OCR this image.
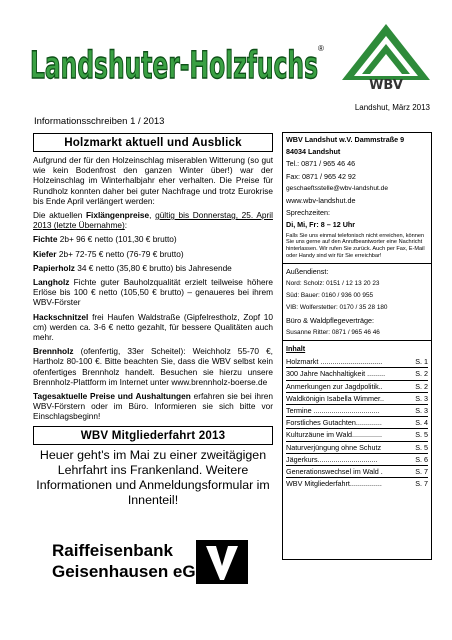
Landshuter-Holzfuchs ®
WBV
Landshut, März 2013
Informationsschreiben 1 / 2013
Holzmarkt aktuell und Ausblick

Aufgrund der für den Holzeinschlag miserablen Witterung (so gut wie kein Bodenfrost den ganzen Winter über!) war der Holzeinschlag im Winterhalbjahr eher verhalten. Die Preise für Rundholz konnten daher bei guter Nachfrage und trotz Eurokrise bis Ende April verlängert werden:

Die aktuellen Fixlängenpreise, gültig bis Donnerstag, 25. April 2013 (letzte Übernahme):

Fichte 2b+ 96 € netto (101,30 € brutto)

Kiefer 2b+ 72-75 € netto (76-79 € brutto)

Papierholz 34 € netto (35,80 € brutto) bis Jahresende

Langholz Fichte guter Bauholzqualität erzielt teilweise höhere Erlöse bis 100 € netto (105,50 € brutto) – genaueres bei ihrem WBV-Förster

Hackschnitzel frei Haufen Waldstraße (Gipfelrestholz, Zopf 10 cm) werden ca. 3-6 € netto gezahlt, für bessere Qualitäten auch mehr.

Brennholz (ofenfertig, 33er Scheitel): Weichholz 55-70 €, Hartholz 80-100 €. Bitte beachten Sie, dass die WBV selbst kein ofenfertiges Brennholz handelt. Besuchen sie hierzu unsere Brennholz-Plattform im Internet unter www.brennholz-boerse.de

Tagesaktuelle Preise und Aushaltungen erfahren sie bei ihren WBV-Förstern oder im Büro. Informieren sie sich bitte vor Einschlagsbeginn!

WBV Mitgliederfahrt 2013
Heuer geht's im Mai zu einer zweitägigen Lehrfahrt ins Frankenland. Weitere Informationen und Anmeldungsformular im Innenteil!
Raiffeisenbank
Geisenhausen eG
WBV Landshut w.V. Dammstraße 9
84034 Landshut
Tel.: 0871 / 965 46 46
Fax: 0871 / 965 42 92
geschaeftsstelle@wbv-landshut.de
www.wbv-landshut.de
Sprechzeiten:
Di, Mi, Fr: 8 – 12 Uhr
Falls Sie uns einmal telefonisch nicht erreichen, können Sie uns gerne auf den Anrufbeantworter eine Nachricht hinterlassen. Wir rufen Sie zurück. Auch per Fax, E-Mail oder Handy sind wir für Sie erreichbar!
Außendienst:
Nord: Scholz: 0151 / 12 13 20 23
Süd: Bauer: 0160 / 936 00 955
VIB: Wolferstetter: 0170 / 35 28 180
Büro & Waldpflegeverträge:
Susanne Ritter: 0871 / 965 46 46
Inhalt
Holzmarkt ...............................	S. 1
300 Jahre Nachhaltigkeit .........	S. 2
Anmerkungen zur Jagdpolitik..	S. 2
Waldkönigin Isabella Wimmer..	S. 3
Termine .................................	S. 3
Forstliches Gutachten.............	S. 4
Kulturzäune im Wald...............	S. 5
Naturverjüngung ohne Schutz	S. 5
Jägerkurs..............................	S. 6
Generationswechsel im Wald .	S. 7
WBV Mitgliederfahrt................	S. 7
